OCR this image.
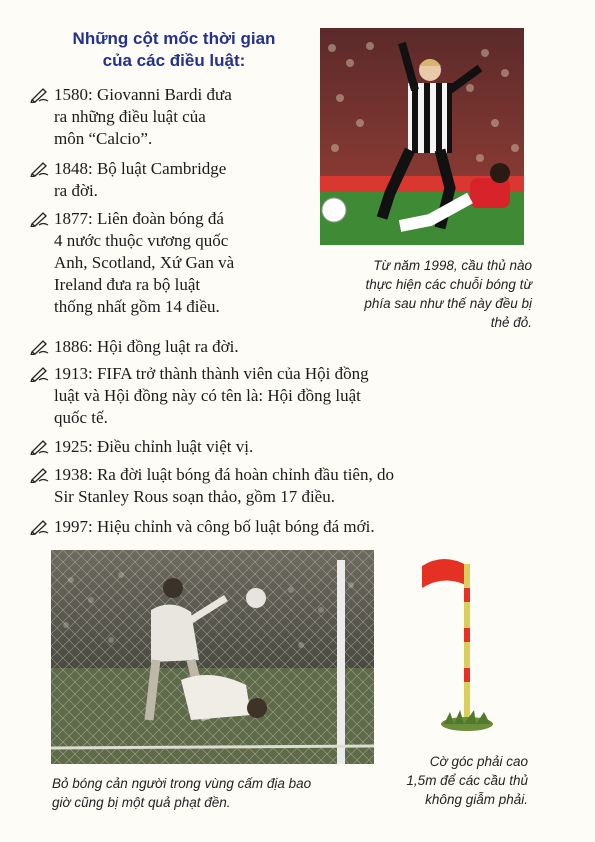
Những cột mốc thời gian
của các điều luật:
1580: Giovanni Bardi đưa
ra những điều luật của
môn “Calcio”.
1848: Bộ luật Cambridge
ra đời.
1877: Liên đoàn bóng đá
4 nước thuộc vương quốc
Anh, Scotland, Xứ Gan và
Ireland đưa ra bộ luật
thống nhất gồm 14 điều.
1886: Hội đồng luật ra đời.
1913: FIFA trở thành thành viên của Hội đồng
luật và Hội đồng này có tên là: Hội đồng luật
quốc tế.
1925: Điều chỉnh luật việt vị.
1938: Ra đời luật bóng đá hoàn chỉnh đầu tiên, do
Sir Stanley Rous soạn thảo, gồm 17 điều.
1997: Hiệu chỉnh và công bố luật bóng đá mới.
Từ năm 1998, cầu thủ nào
thực hiện các chuỗi bóng từ
phía sau như thế này đều bị
thẻ đỏ.
Bỏ bóng cản người trong vùng cấm địa bao
giờ cũng bị một quả phạt đền.
Cờ góc phải cao
1,5m để các cầu thủ
không giẫm phải.
